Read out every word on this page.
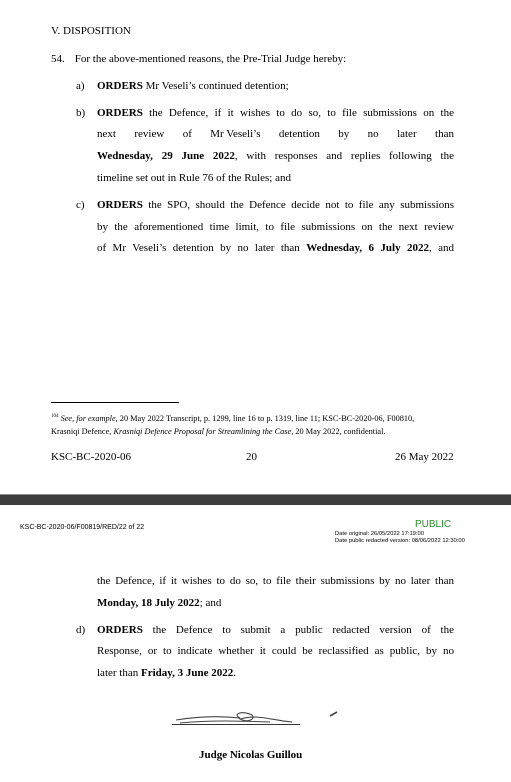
V. DISPOSITION
54. For the above-mentioned reasons, the Pre-Trial Judge hereby:
a) ORDERS Mr Veseli’s continued detention;
b) ORDERS the Defence, if it wishes to do so, to file submissions on the
next review of Mr Veseli’s detention by no later than
Wednesday, 29 June 2022, with responses and replies following the
timeline set out in Rule 76 of the Rules; and
c) ORDERS the SPO, should the Defence decide not to file any submissions
by the aforementioned time limit, to file submissions on the next review
of Mr Veseli’s detention by no later than Wednesday, 6 July 2022, and
$^{104}$ See, for example, 20 May 2022 Transcript, p. 1299, line 16 to p. 1319, line 11; KSC-BC-2020-06, F00810,
Krasniqi Defence, Krasniqi Defence Proposal for Streamlining the Case, 20 May 2022, confidential.
KSC-BC-2020-06	20	26 May 2022
KSC-BC-2020-06/F00819/RED/22 of 22	PUBLIC
Date original: 26/05/2022 17:19:00
Date public redacted version: 08/06/2022 12:30:00
the Defence, if it wishes to do so, to file their submissions by no later than
Monday, 18 July 2022; and
d) ORDERS the Defence to submit a public redacted version of the
Response, or to indicate whether it could be reclassified as public, by no
later than Friday, 3 June 2022.
Judge Nicolas Guillou
